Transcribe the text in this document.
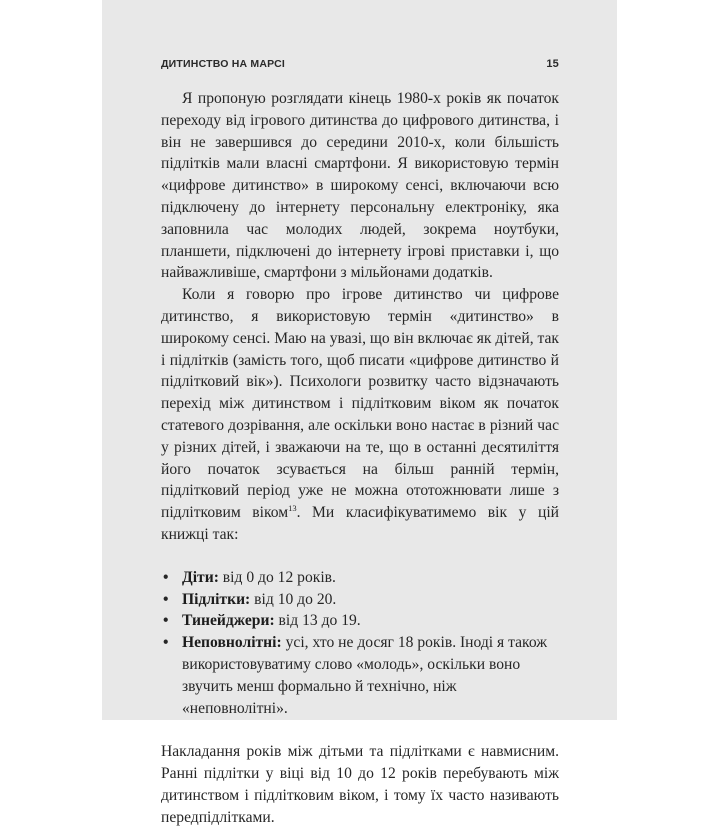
ДИТИНСТВО НА МАРСІ	15

Я пропоную розглядати кінець 1980-х років як початок переходу від ігрового дитинства до цифрового дитинства, і він не завершився до середини 2010-х, коли більшість підлітків мали власні смартфони. Я використовую термін «цифрове дитинство» в широкому сенсі, включаючи всю підключену до інтернету персональну електроніку, яка заповнила час молодих людей, зокрема ноутбуки, планшети, підключені до інтернету ігрові приставки і, що найважливіше, смартфони з мільйонами додатків.

Коли я говорю про ігрове дитинство чи цифрове дитинство, я використовую термін «дитинство» в широкому сенсі. Маю на увазі, що він включає як дітей, так і підлітків (замість того, щоб писати «цифрове дитинство й підлітковий вік»). Психологи розвитку часто відзначають перехід між дитинством і підлітковим віком як початок статевого дозрівання, але оскільки воно настає в різний час у різних дітей, і зважаючи на те, що в останні десятиліття його початок зсувається на більш ранній термін, підлітковий період уже не можна ототожнювати лише з підлітковим віком$^{13}$. Ми класифікуватимемо вік у цій книжці так:

• Діти: від 0 до 12 років.
• Підлітки: від 10 до 20.
• Тинейджери: від 13 до 19.
• Неповнолітні: усі, хто не досяг 18 років. Іноді я також використовуватиму слово «молодь», оскільки воно звучить менш формально й технічно, ніж «неповнолітні».

Накладання років між дітьми та підлітками є навмисним. Ранні підлітки у віці від 10 до 12 років перебувають між дитинством і підлітковим віком, і тому їх часто називають передпідлітками.
